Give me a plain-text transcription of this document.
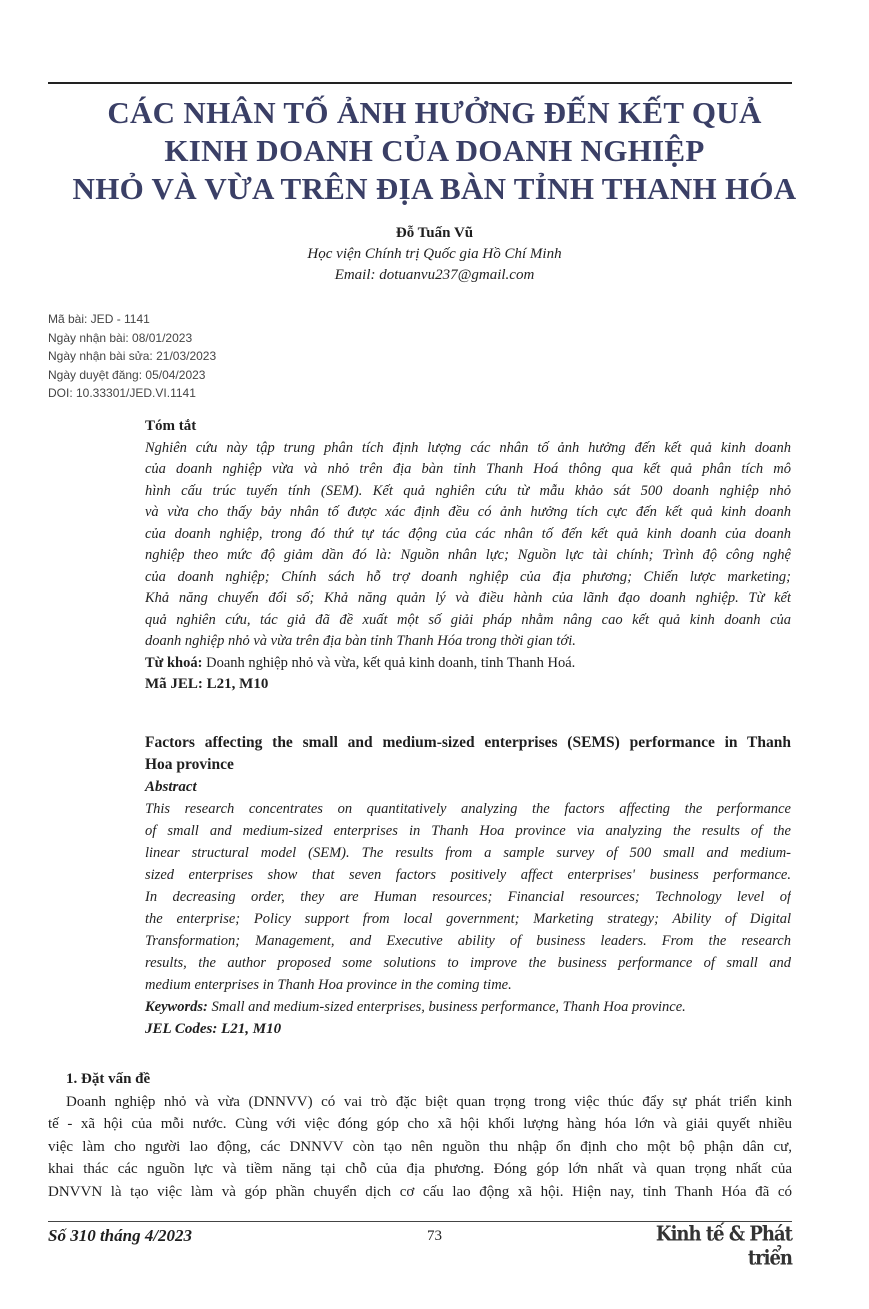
CÁC NHÂN TỐ ẢNH HƯỞNG ĐẾN KẾT QUẢ
KINH DOANH CỦA DOANH NGHIỆP
NHỎ VÀ VỪA TRÊN ĐỊA BÀN TỈNH THANH HÓA
Đỗ Tuấn Vũ
Học viện Chính trị Quốc gia Hồ Chí Minh
Email: dotuanvu237@gmail.com
Mã bài: JED - 1141
Ngày nhận bài: 08/01/2023
Ngày nhận bài sửa: 21/03/2023
Ngày duyệt đăng: 05/04/2023
DOI: 10.33301/JED.VI.1141
Tóm tắt
Nghiên cứu này tập trung phân tích định lượng các nhân tố ảnh hưởng đến kết quả kinh doanh
của doanh nghiệp vừa và nhỏ trên địa bàn tỉnh Thanh Hoá thông qua kết quả phân tích mô
hình cấu trúc tuyến tính (SEM). Kết quả nghiên cứu từ mẫu khảo sát 500 doanh nghiệp nhỏ
và vừa cho thấy bảy nhân tố được xác định đều có ảnh hưởng tích cực đến kết quả kinh doanh
của doanh nghiệp, trong đó thứ tự tác động của các nhân tố đến kết quả kinh doanh của doanh
nghiệp theo mức độ giảm dần đó là: Nguồn nhân lực; Nguồn lực tài chính; Trình độ công nghệ
của doanh nghiệp; Chính sách hỗ trợ doanh nghiệp của địa phương; Chiến lược marketing;
Khả năng chuyển đổi số; Khả năng quản lý và điều hành của lãnh đạo doanh nghiệp. Từ kết
quả nghiên cứu, tác giả đã đề xuất một số giải pháp nhằm nâng cao kết quả kinh doanh của
doanh nghiệp nhỏ và vừa trên địa bàn tỉnh Thanh Hóa trong thời gian tới.
Từ khoá: Doanh nghiệp nhỏ và vừa, kết quả kinh doanh, tỉnh Thanh Hoá.
Mã JEL: L21, M10
Factors affecting the small and medium-sized enterprises (SEMS) performance in Thanh
Hoa province
Abstract
This research concentrates on quantitatively analyzing the factors affecting the performance
of small and medium-sized enterprises in Thanh Hoa province via analyzing the results of the
linear structural model (SEM). The results from a sample survey of 500 small and medium-
sized enterprises show that seven factors positively affect enterprises' business performance.
In decreasing order, they are Human resources; Financial resources; Technology level of
the enterprise; Policy support from local government; Marketing strategy; Ability of Digital
Transformation; Management, and Executive ability of business leaders. From the research
results, the author proposed some solutions to improve the business performance of small and
medium enterprises in Thanh Hoa province in the coming time.
Keywords: Small and medium-sized enterprises, business performance, Thanh Hoa province.
JEL Codes: L21, M10
1. Đặt vấn đề
Doanh nghiệp nhỏ và vừa (DNNVV) có vai trò đặc biệt quan trọng trong việc thúc đẩy sự phát triển kinh
tế - xã hội của mỗi nước. Cùng với việc đóng góp cho xã hội khối lượng hàng hóa lớn và giải quyết nhiều
việc làm cho người lao động, các DNNVV còn tạo nên nguồn thu nhập ổn định cho một bộ phận dân cư,
khai thác các nguồn lực và tiềm năng tại chỗ của địa phương. Đóng góp lớn nhất và quan trọng nhất của
DNVVN là tạo việc làm và góp phần chuyển dịch cơ cấu lao động xã hội. Hiện nay, tỉnh Thanh Hóa đã có
Số 310 tháng 4/2023	73	Kinh tế & Phát triển
